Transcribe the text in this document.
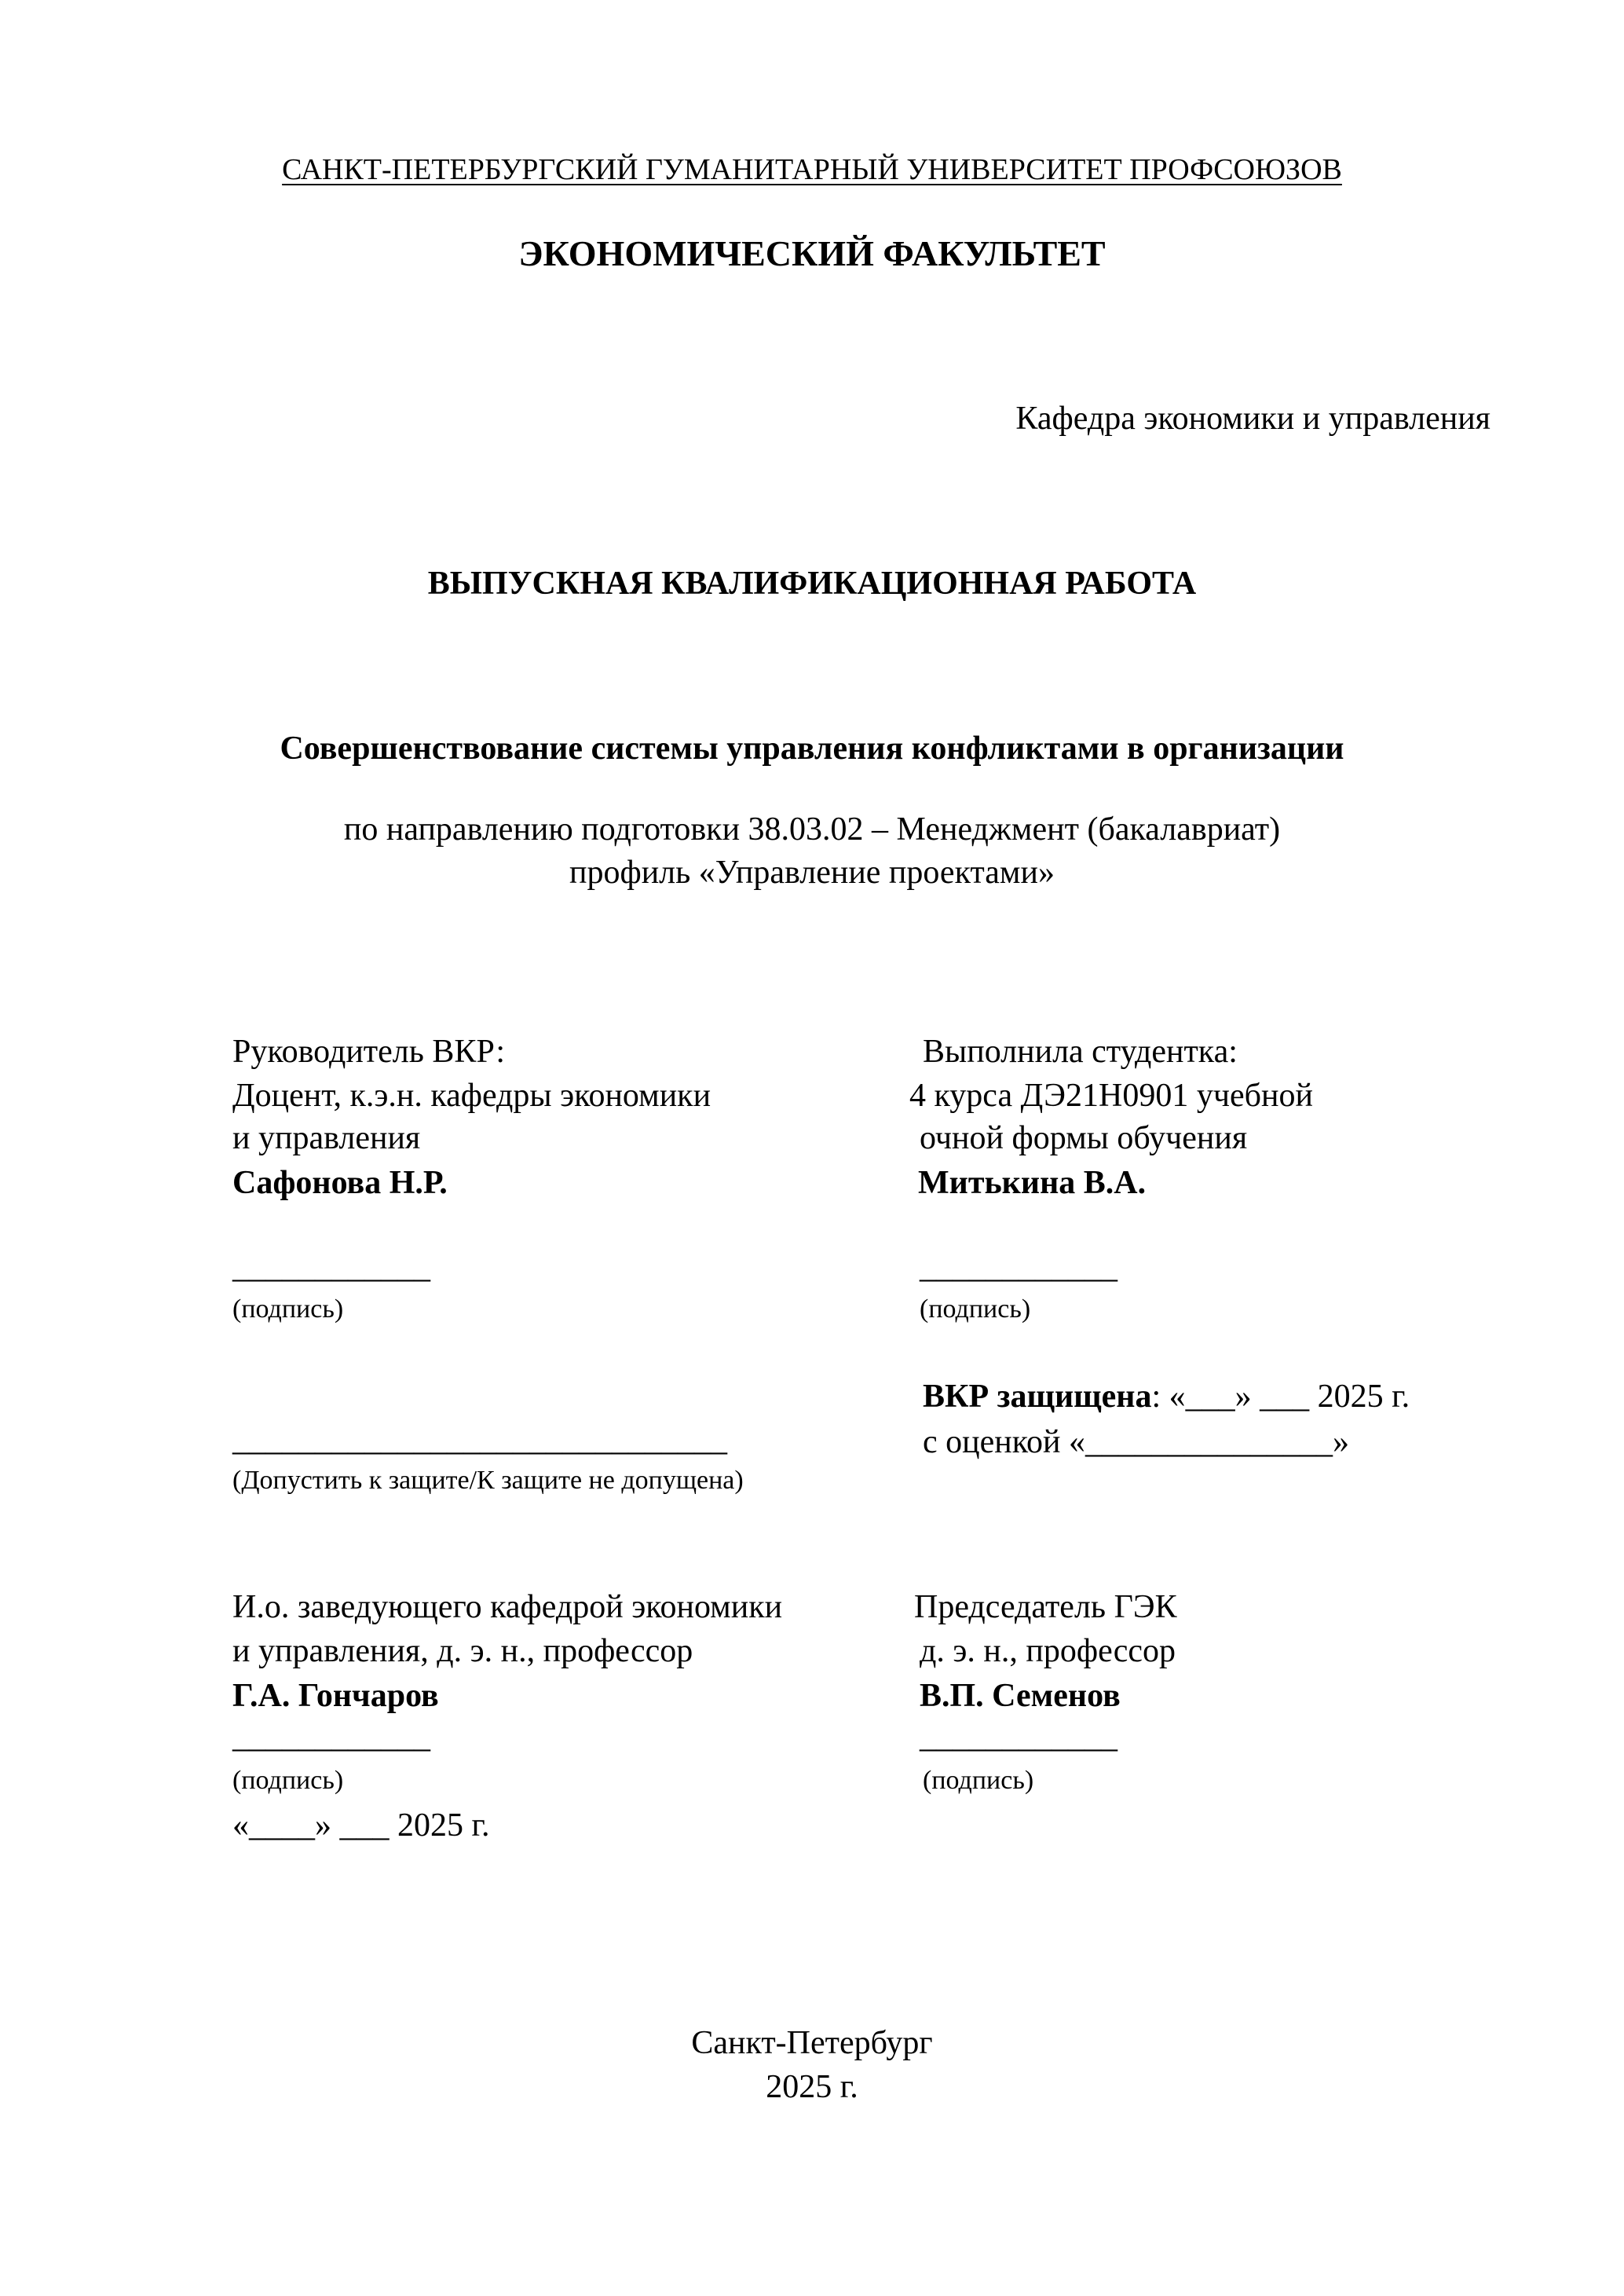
САНКТ-ПЕТЕРБУРГСКИЙ ГУМАНИТАРНЫЙ УНИВЕРСИТЕТ ПРОФСОЮЗОВ
ЭКОНОМИЧЕСКИЙ ФАКУЛЬТЕТ
Кафедра экономики и управления
ВЫПУСКНАЯ КВАЛИФИКАЦИОННАЯ РАБОТА
Совершенствование системы управления конфликтами в организации
по направлению подготовки 38.03.02 – Менеджмент (бакалавриат)
профиль «Управление проектами»
Руководитель ВКР:
Доцент, к.э.н. кафедры экономики
и управления
Сафонова Н.Р.
____________
(подпись)
Выполнила студентка:
4 курса ДЭ21Н0901 учебной
очной формы обучения
Митькина В.А.
____________
(подпись)
______________________________
(Допустить к защите/К защите не допущена)
ВКР защищена: «___» ___ 2025 г.
с оценкой «_______________»
И.о. заведующего кафедрой экономики
и управления, д. э. н., профессор
Г.А. Гончаров
____________
(подпись)
«____» ___ 2025 г.
Председатель ГЭК
д. э. н., профессор
В.П. Семенов
____________
(подпись)
Санкт-Петербург
2025 г.
